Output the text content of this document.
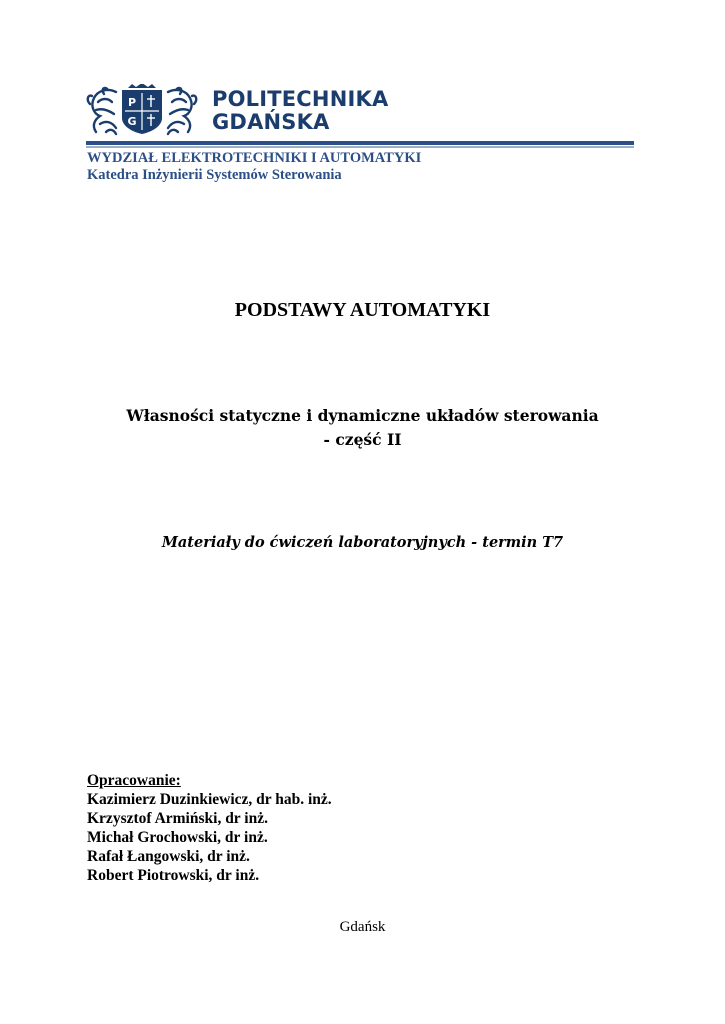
P
G
POLITECHNIKA
GDAŃSKA
WYDZIAŁ ELEKTROTECHNIKI I AUTOMATYKI
Katedra Inżynierii Systemów Sterowania
PODSTAWY AUTOMATYKI
Własności statyczne i dynamiczne układów sterowania
- część II
Materiały do ćwiczeń laboratoryjnych - termin T7
Opracowanie:
Kazimierz Duzinkiewicz, dr hab. inż.
Krzysztof Armiński, dr inż.
Michał Grochowski, dr inż.
Rafał Łangowski, dr inż.
Robert Piotrowski, dr inż.
Gdańsk
